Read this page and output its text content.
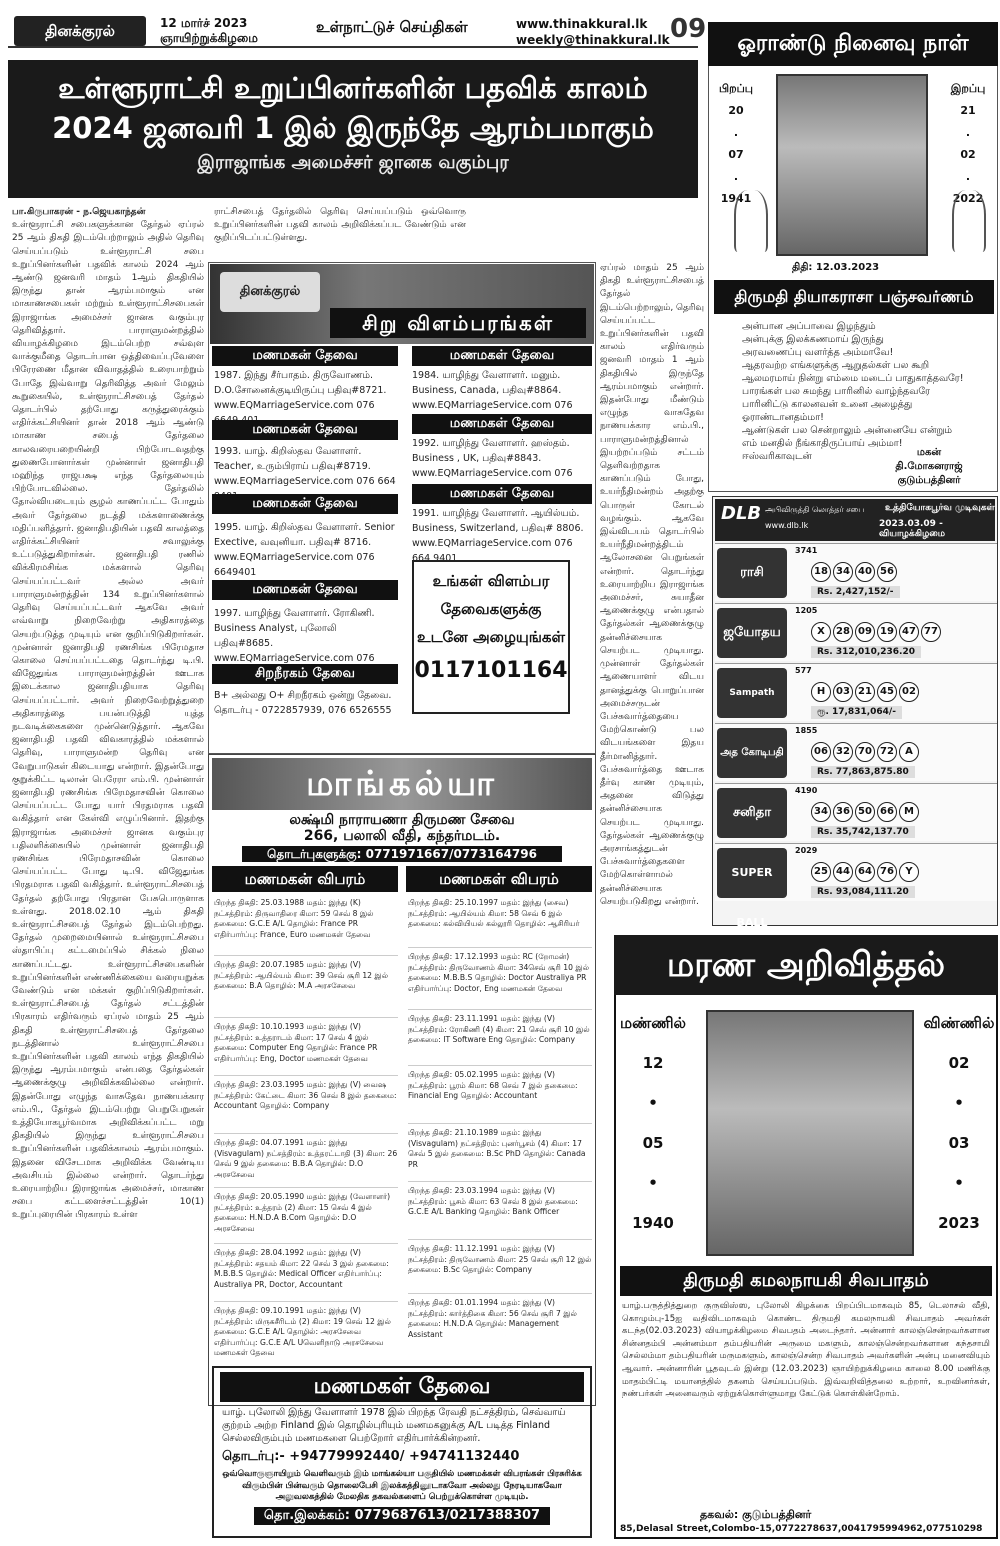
தினக்குரல்	12 மார்ச் 2023
ஞாயிற்றுக்கிழமை
உள்நாட்டுச் செய்திகள்	www.thinakkural.lk
weekly@thinakkural.lk 09
உள்ளூராட்சி உறுப்பினர்களின் பதவிக் காலம்
2024 ஜனவரி 1 இல் இருந்தே ஆரம்பமாகும்
இராஜாங்க அமைச்சர் ஜானக வகும்புர
பா.கிருபாகரன் - ந.ஜெயகாந்தன்
உள்ளூராட்சி சபைகளுக்கான தேர்தல் ஏப்ரல் 25 ஆம் திகதி இடம்பெற்றாலும் அதில் தெரிவு செய்யப்படும் உள்ளூராட்சி சபை உறுப்பினர்களின் பதவிக் காலம் 2024 ஆம் ஆண்டு ஜனவரி மாதம் 1ஆம் திகதியில் இருந்து தான் ஆரம்பமாகும் என மாகாணசபைகள் மற்றும் உள்ளூராட்சிசபைகள் இராஜாங்க அமைச்சர் ஜானக வகும்புர தெரிவித்தார். பாராளுமன்றத்தில் வியாழக்கிழமை இடம்பெற்ற சவ்வுள வாக்குமீதை தொடர்பான ஒத்திவைப்புவேளை பிரேரணை மீதான விவாதத்தில் உரையாற்றும் போதே இவ்வாறு தெரிவித்த அவர் மேலும் கூறுகையில், உள்ளூராட்சிசபைத் தேர்தல் தொடர்பில் தற்போது கருத்துரைக்கும் எதிர்க்கட்சியினர் தான் 2018 ஆம் ஆண்டு மாகாண சபைத் தேர்தலை காலவரையறையின்றி பிற்போடவதற்கு துணைபோனார்கள் முன்னாள் ஜனாதிபதி மஹிந்த ராஜபக்ஷ எந்த தேர்தலையும் பிற்போடவில்லை. தேர்தலில் தோல்வியடையும் சூழல் காணப்பட்ட போதும் அவர் தேர்தலை நடத்தி மக்களாணைக்கு மதிப்பளித்தார். ஜனாதிபதியின் பதவி காலத்தை எதிர்க்கட்சியினர் சவாலுக்கு உட்படுத்துகிறார்கள். ஜனாதிபதி ரணில் விக்கிரமசிங்க மக்களால் தெரிவு செய்யப்பட்டவர் அல்ல அவர் பாராளுமன்றத்தின் 134 உறுப்பினர்களால் தெரிவு செய்யப்பட்டவர் ஆகவே அவர் எவ்வாறு நிறைவேற்று அதிகாரத்தை செயற்படுத்த முடியும் என குறிப்பிடுகிறார்கள். முன்னாள் ஜனாதிபதி ரணசிங்க பிரேமதாச கொலை செய்யப்பட்டதை தொடர்ந்து டி.பி. விஜேதுங்க பாராளுமன்றத்தின் ஊடாக இடைக்கால ஜனாதிபதியாக தெரிவு செய்யப்பட்டார். அவர் நிறைவேற்றுத்துறை அதிகாரத்தை பயன்படுத்தி யுத்த நடவடிக்கைகளை முன்னெடுத்தார். ஆகவே ஜனாதிபதி பதவி விவகாரத்தில் மக்களால் தெரிவு, பாராளுமன்ற தெரிவு என வேறுபாடுகள் கிடையாது என்றார். இதன்போது குறுக்கிட்ட டிலான் பெரேரா எம்.பி. முன்னாள் ஜனாதிபதி ரணசிங்க பிரேமதாசவின் கொலை செய்யப்பட்ட போது யார் பிரதமராக பதவி வகித்தார் என கேள்வி எழுப்பினார். இதற்கு இராஜாங்க அமைச்சர் ஜானக வகும்புர பதிலளிக்கையில் முன்னாள் ஜனாதிபதி ரணசிங்க பிரேமதாசவின் கொலை செய்யப்பட்ட போது டி.பி. விஜேதுங்க பிரதமராக பதவி வகித்தார். உள்ளூராட்சிசபைத் தேர்தல் தற்போது பிரதான பேசுபொருளாக உள்ளது. 2018.02.10 ஆம் திகதி உள்ளூராட்சிசபைத் தேர்தல் இடம்பெற்றது. தேர்தல் முறைமையினால் உள்ளூராட்சிசபை ஸ்தாபிப்பு கட்டமைப்பில் சிக்கல் நிலை காணப்பட்டது. உள்ளூராட்சிசபைகளின் உறுப்பினர்களின் எண்ணிக்கையை வரையறுக்க வேண்டும் என மக்கள் குறிப்பிடுகிறார்கள். உள்ளூராட்சிசபைத் தேர்தல் சட்டத்தின் பிரகாரம் எதிர்வரும் ஏப்ரல் மாதம் 25 ஆம் திகதி உள்ளூராட்சிசபைத் தேர்தலை நடத்தினால் உள்ளூராட்சிசபை உறுப்பினர்களின் பதவி காலம் எந்த திகதியில் இருந்து ஆரம்பமாகும் என்பதை தேர்தல்கள் ஆணைக்குழு அறிவிக்கவில்லை என்றார். இதன்போது எழுந்த வாசுதேவ நாணயக்கார எம்.பி., தேர்தல் இடம்பெற்று பெறுபேறுகள் உத்தியோகபூர்வமாக அறிவிக்கப்பட்ட மறு திகதியில் இருந்து உள்ளூராட்சிசபை உறுப்பினர்களின் பதவிக்காலம் ஆரம்பமாகும். இதனை விசேடமாக அறிவிக்க வேண்டிய அவசியம் இல்லை என்றார். தொடர்ந்து உரையாற்றிய இராஜாங்க அமைச்சர், மாகாண சபை கட்டளைச்சட்டத்தின் 10(1) உறுப்புரையின் பிரகாரம் உள்ள
ராட்சிசபைத் தேர்தலில் தெரிவு செய்யப்படும் ஒவ்வொரு உறுப்பினர்களின் பதவி காலம் அறிவிக்கப்பட வேண்டும் என குறிப்பிடப்பட்டுள்ளது.
ஏப்ரல் மாதம் 25 ஆம் திகதி உள்ளூராட்சிசபைத் தேர்தல் இடம்பெற்றாலும், தெரிவு செய்யப்பட்ட உறுப்பினர்களின் பதவி காலம் எதிர்வரும் ஜனவரி மாதம் 1 ஆம் திகதியில் இருந்தே ஆரம்பமாகும் என்றார். இதன்போது மீண்டும் எழுந்த வாசுதேவ நாணயக்கார எம்.பி., பாராளுமன்றத்தினால் இயற்றப்படும் சட்டம் தெளிவற்றதாக காணப்படும் போது, உயர்நீதிமன்றம் அதற்கு பொருள் கோடல் வழங்கும். ஆகவே இவ்விடயம் தொடர்பில் உயர்நீதிமன்றத்திடம் ஆலோசனை பெறுங்கள் என்றார். தொடர்ந்து உரையாற்றிய இராஜாங்க அமைச்சர், சுயாதீன ஆணைக்குழு என்பதால் தேர்தல்கள் ஆணைக்குழு தன்னிச்சையாக செயற்பட முடியாது. முன்னாள் தேர்தல்கள் ஆணையாளர் விடய தானத்துக்கு பொறுப்பான அமைச்சருடன் பேச்சுவார்த்தையை மேற்கொண்டு பல விடயங்களை இதய தீர்மானித்தார். பேச்சுவார்த்தை ஊடாக தீர்வு காண முடியும், அதனை விடுத்து தன்னிச்சையாக செயற்பட முடியாது. தேர்தல்கள் ஆணைக்குழு அரசாங்கத்துடன் பேச்சுவார்த்தைகளை மேற்கொள்ளாமல் தன்னிச்சையாக செயற்படுகிறது என்றார்.
ஓராண்டு நினைவு நாள்
பிறப்பு
20
.
07
.
1941
இறப்பு
21
.
02
.
2022
திதி: 12.03.2023
திருமதி தியாகராசா பஞ்சவர்ணம்
அன்பான அப்பாவை இழந்தும்
அன்புக்கு இலக்கணமாய் இருந்து
அரவணைப்பு வளர்த்த அம்மாவே!
ஆதரவற்ற எங்களுக்கு ஆறுதல்கள் பல கூறி
ஆலமரமாய் நின்று எம்மை மடைப் பாதுகாத்தவரே!
பாரங்கள் பல சுமந்து பாரினில் வாழ்ந்தவரே
பாரினிட்டு காலனவன் உனை அழைத்து
ஓராண்டானதம்மா!
ஆண்டுகள் பல சென்றாலும் அன்னையே என்றும்
எம் மனதில் நீங்காதிருப்பாய் அம்மா!
ஈஸ்வரிகாவுடன்	மகன்
தி.மோகனராஜ்
குடும்பத்தினர்
DLB அபிவிருத்தி லொத்தர் சபை
www.dlb.lk
உத்தியோகபூர்வ முடிவுகள்
2023.03.09 - வியாழக்கிழமை
ராசி
3741
18 34 40 56
Rs. 2,427,152/-
ஜயோதய
1205
X 28 09 19 47 77
Rs. 312,010,236.20
Sampath
577
H 03 21 45 02
ரூ. 17,831,064/-
அத கோடிபதி
1855
06 32 70 72 A
Rs. 77,863,875.80
சனிதா
4190
34 36 50 66 M
Rs. 35,742,137.70
SUPER BALL
2029
25 44 64 76 Y
Rs. 93,084,111.20
மரண அறிவித்தல்
மண்ணில்
12
•
05
•
1940
விண்ணில்
02
•
03
•
2023
திருமதி கமலநாயகி சிவபாதம்
யாழ்.பருத்தித்துறை குருவிஸ்ஸ, புலோலி கிழக்கை பிறப்பிடமாகவும் 85, டெலாசல் வீதி, கொழும்பு-15ஐ வதிவிடமாகவும் கொண்ட திருமதி கமலநாயகி சிவபாதம் அவர்கள் கடந்த(02.03.2023) வியாழக்கிழமை சிவபதம் அடைந்தார். அன்னார் காலஞ்சென்றவர்களான சின்னதம்பி அன்னம்மா தம்பதியரின் அருமை மகளும், காலஞ்சென்றவர்களான கந்தசாமி செல்லம்மா தம்பதியரின் மருமகளும், காலஞ்சென்ற சிவபாதம் அவர்களின் அன்பு மனைவியும் ஆவார். அன்னாரின் பூதவுடல் இன்று (12.03.2023) ஞாயிற்றுக்கிழமை காலை 8.00 மணிக்கு மாதம்பிட்டி மயானத்தில் தகனம் செய்யப்படும். இவ்வறிவித்தலை உற்றார், உறவினர்கள், நண்பர்கள் அனைவரும் ஏற்றுக்கொள்ளுமாறு கேட்டுக் கொள்கின்றோம்.
தகவல்: குடும்பத்தினர்
85,Delasal Street,Colombo-15,0772278637,004179599496​2,0775102​98
தினக்குரல்
சிறு விளம்பரங்கள்
மணமகன் தேவை
1987. இந்து சீர்பாதம். திருவோணம். D.O.சோனைக்குடியிருப்பு பதிவு#8721. www.EQMarriageService.com 076
மணமகன் தேவை
1993. யாழ். கிறிஸ்தவ வேளாளர். Teacher, உரும்பிராய் பதிவு#8719. www.EQMarriageService.com 076 664
மணமகன் தேவை
1995. யாழ். கிறிஸ்தவ வேளாளர். Senior Exective, வவுனியா. பதிவு# 8716. www.EQMarriageService.com 076 6649401
மணமகன் தேவை
1997. யாழிந்து வேளாளர். ரோகிணி. Business Analyst, புலோலி பதிவு#8685. www.EQMarriageService.com 076
சிறநீரகம் தேவை
B+ அல்லது O+ சிறநீரகம் ஒன்று தேவை. தொடர்பு - 0722857939, 076 6526555
மணமகள் தேவை
1984. யாழிந்து வேளாளர். மனும். Business, Canada, பதிவு#8864. www.EQMarriageService.com 076
மணமகள் தேவை
1992. யாழிந்து வேளாளர். ஹஸ்தம். Business , UK, பதிவு#8843. www.EQMarriageService.com 076
மணமகள் தேவை
1991. யாழிந்து வேளாளர். ஆயில்யம். Business, Switzerland, பதிவு# 8806. www.EQMarriageService.com 076 664 9401
உங்கள் விளம்பர
தேவைகளுக்கு
உடனே அழையுங்கள்
0117101164
மாங்கல்யா
லக்ஷ்மி நாராயணா திருமண சேவை
266, பலாலி வீதி, கந்தர்மடம்.
தொடர்புகளுக்கு: 0771971667/0773164796
மணமகன் விபரம்	மணமகள் விபரம்
பிறந்த திகதி: 25.03.1988 மதம்: இந்து (K) நட்சத்திரம்: திருவாதிரை கிமா: 59 செவ் 8 இல் தகைமை: G.C.E A/L தொழில்: France PR எதிர்பார்ப்பு: France, Euro மணமகள் தேவை
பிறந்த திகதி: 20.07.1985 மதம்: இந்து (V) நட்சத்திரம்: ஆயில்யம் கிமா: 39 செவ் சூரி 12 இல் தகைமை: B.A தொழில்: M.A அரசசேவை
பிறந்த திகதி: 10.10.1993 மதம்: இந்து (V) நட்சத்திரம்: உத்தராடம் கிமா: 17 செவ் 4 இல் தகைமை: Computer Eng தொழில்: France PR எதிர்பார்ப்பு: Eng, Doctor மணமகள் தேவை
பிறந்த திகதி: 23.03.1995 மதம்: இந்து (V) வைஷ நட்சத்திரம்: கேட்டை கிமா: 36 செவ் 8 இல் தகைமை: Accountant தொழில்: Company
பிறந்த திகதி: 04.07.1991 மதம்: இந்து (Visvagulam) நட்சத்திரம்: உத்தரட்டாதி (3) கிமா: 26 செவ் 9 இல் தகைமை: B.B.A தொழில்: D.O அரசசேவை
பிறந்த திகதி: 20.05.1990 மதம்: இந்து (வேளாளர்) நட்சத்திரம்: உத்தரம் (2) கிமா: 15 செவ் 4 இல் தகைமை: H.N.D.A B.Com தொழில்: D.O அரசசேவை
பிறந்த திகதி: 28.04.1992 மதம்: இந்து (V) நட்சத்திரம்: சதயம் கிமா: 22 செவ் 3 இல் தகைமை: M.B.B.S தொழில்: Medical Officer எதிர்பார்ப்பு: Australiya PR, Doctor, Accountant
பிறந்த திகதி: 09.10.1991 மதம்: இந்து (V) நட்சத்திரம்: மிருகசீரிடம் (2) கிமா: 19 செவ் 12 இல் தகைமை: G.C.E A/L தொழில்: அரசசேவை எதிர்பார்ப்பு: G.C.E A/L Uவெளிநாடு அரசசேவை மணமகள் தேவை
பிறந்த திகதி: 25.10.1997 மதம்: இந்து (சைவ) நட்சத்திரம்: ஆயில்யம் கிமா: 58 செவ் 6 இல் தகைமை: கல்வியியல் கல்லூரி தொழில்: ஆசிரியர்
பிறந்த திகதி: 17.12.1993 மதம்: RC (றோமன்) நட்சத்திரம்: திருவோணம் கிமா: 34செவ் சூரி 10 இல் தகைமை: M.B.B.S தொழில்: Doctor Australiya PR எதிர்பார்ப்பு: Doctor, Eng மணமகன் தேவை
பிறந்த திகதி: 23.11.1991 மதம்: இந்து (V) நட்சத்திரம்: ரோகிணி (4) கிமா: 21 செவ் சூரி 10 இல் தகைமை: IT Software Eng தொழில்: Company
பிறந்த திகதி: 05.02.1995 மதம்: இந்து (V) நட்சத்திரம்: பூரம் கிமா: 68 செவ் 7 இல் தகைமை: Financial Eng தொழில்: Accountant
பிறந்த திகதி: 21.10.1989 மதம்: இந்து (Visvagulam) நட்சத்திரம்: புனர்பூசம் (4) கிமா: 17 செவ் 5 இல் தகைமை: B.Sc PhD தொழில்: Canada PR
பிறந்த திகதி: 23.03.1994 மதம்: இந்து (V) நட்சத்திரம்: பூசம் கிமா: 63 செவ் 8 இல் தகைமை: G.C.E A/L Banking தொழில்: Bank Officer
பிறந்த திகதி: 11.12.1991 மதம்: இந்து (V) நட்சத்திரம்: திருவோணம் கிமா: 25 செவ் சூரி 12 இல் தகைமை: B.Sc தொழில்: Company
பிறந்த திகதி: 01.01.1994 மதம்: இந்து (V) நட்சத்திரம்: கார்த்திகை கிமா: 56 செவ் சூரி 7 இல் தகைமை: H.N.D.A தொழில்: Management Assistant
மணமகள் தேவை
யாழ். புலோலி இந்து வேளாளர் 1978 இல் பிறந்த ரேவதி நட்சத்திரம், செவ்வாய் குற்றம் அற்ற Finland இல் தொழில்புரியும் மணமகனுக்கு A/L படித்த Finland செல்லவிரும்பும் மணமகளை பெற்றோர் எதிர்பார்க்கின்றனர்.
தொடர்பு:- +94779992440/ +94741132440
ஒவ்வொருஞாயிறும் வெளிவரும் இம் மாங்கல்யா பகுதியில் மணமக்கள் விபரங்கள் பிரசுரிக்க விரும்பின் பின்வரும் தொலைபேசி இலக்கத்தினூடாகவோ அல்லது நேரடியாகவோ அலுவலகத்தில் மேலதிக தகவல்களைப் பெற்றுக்கொள்ள முடியும்.
தொ.இலக்கம்: 0779687613/0217388307
